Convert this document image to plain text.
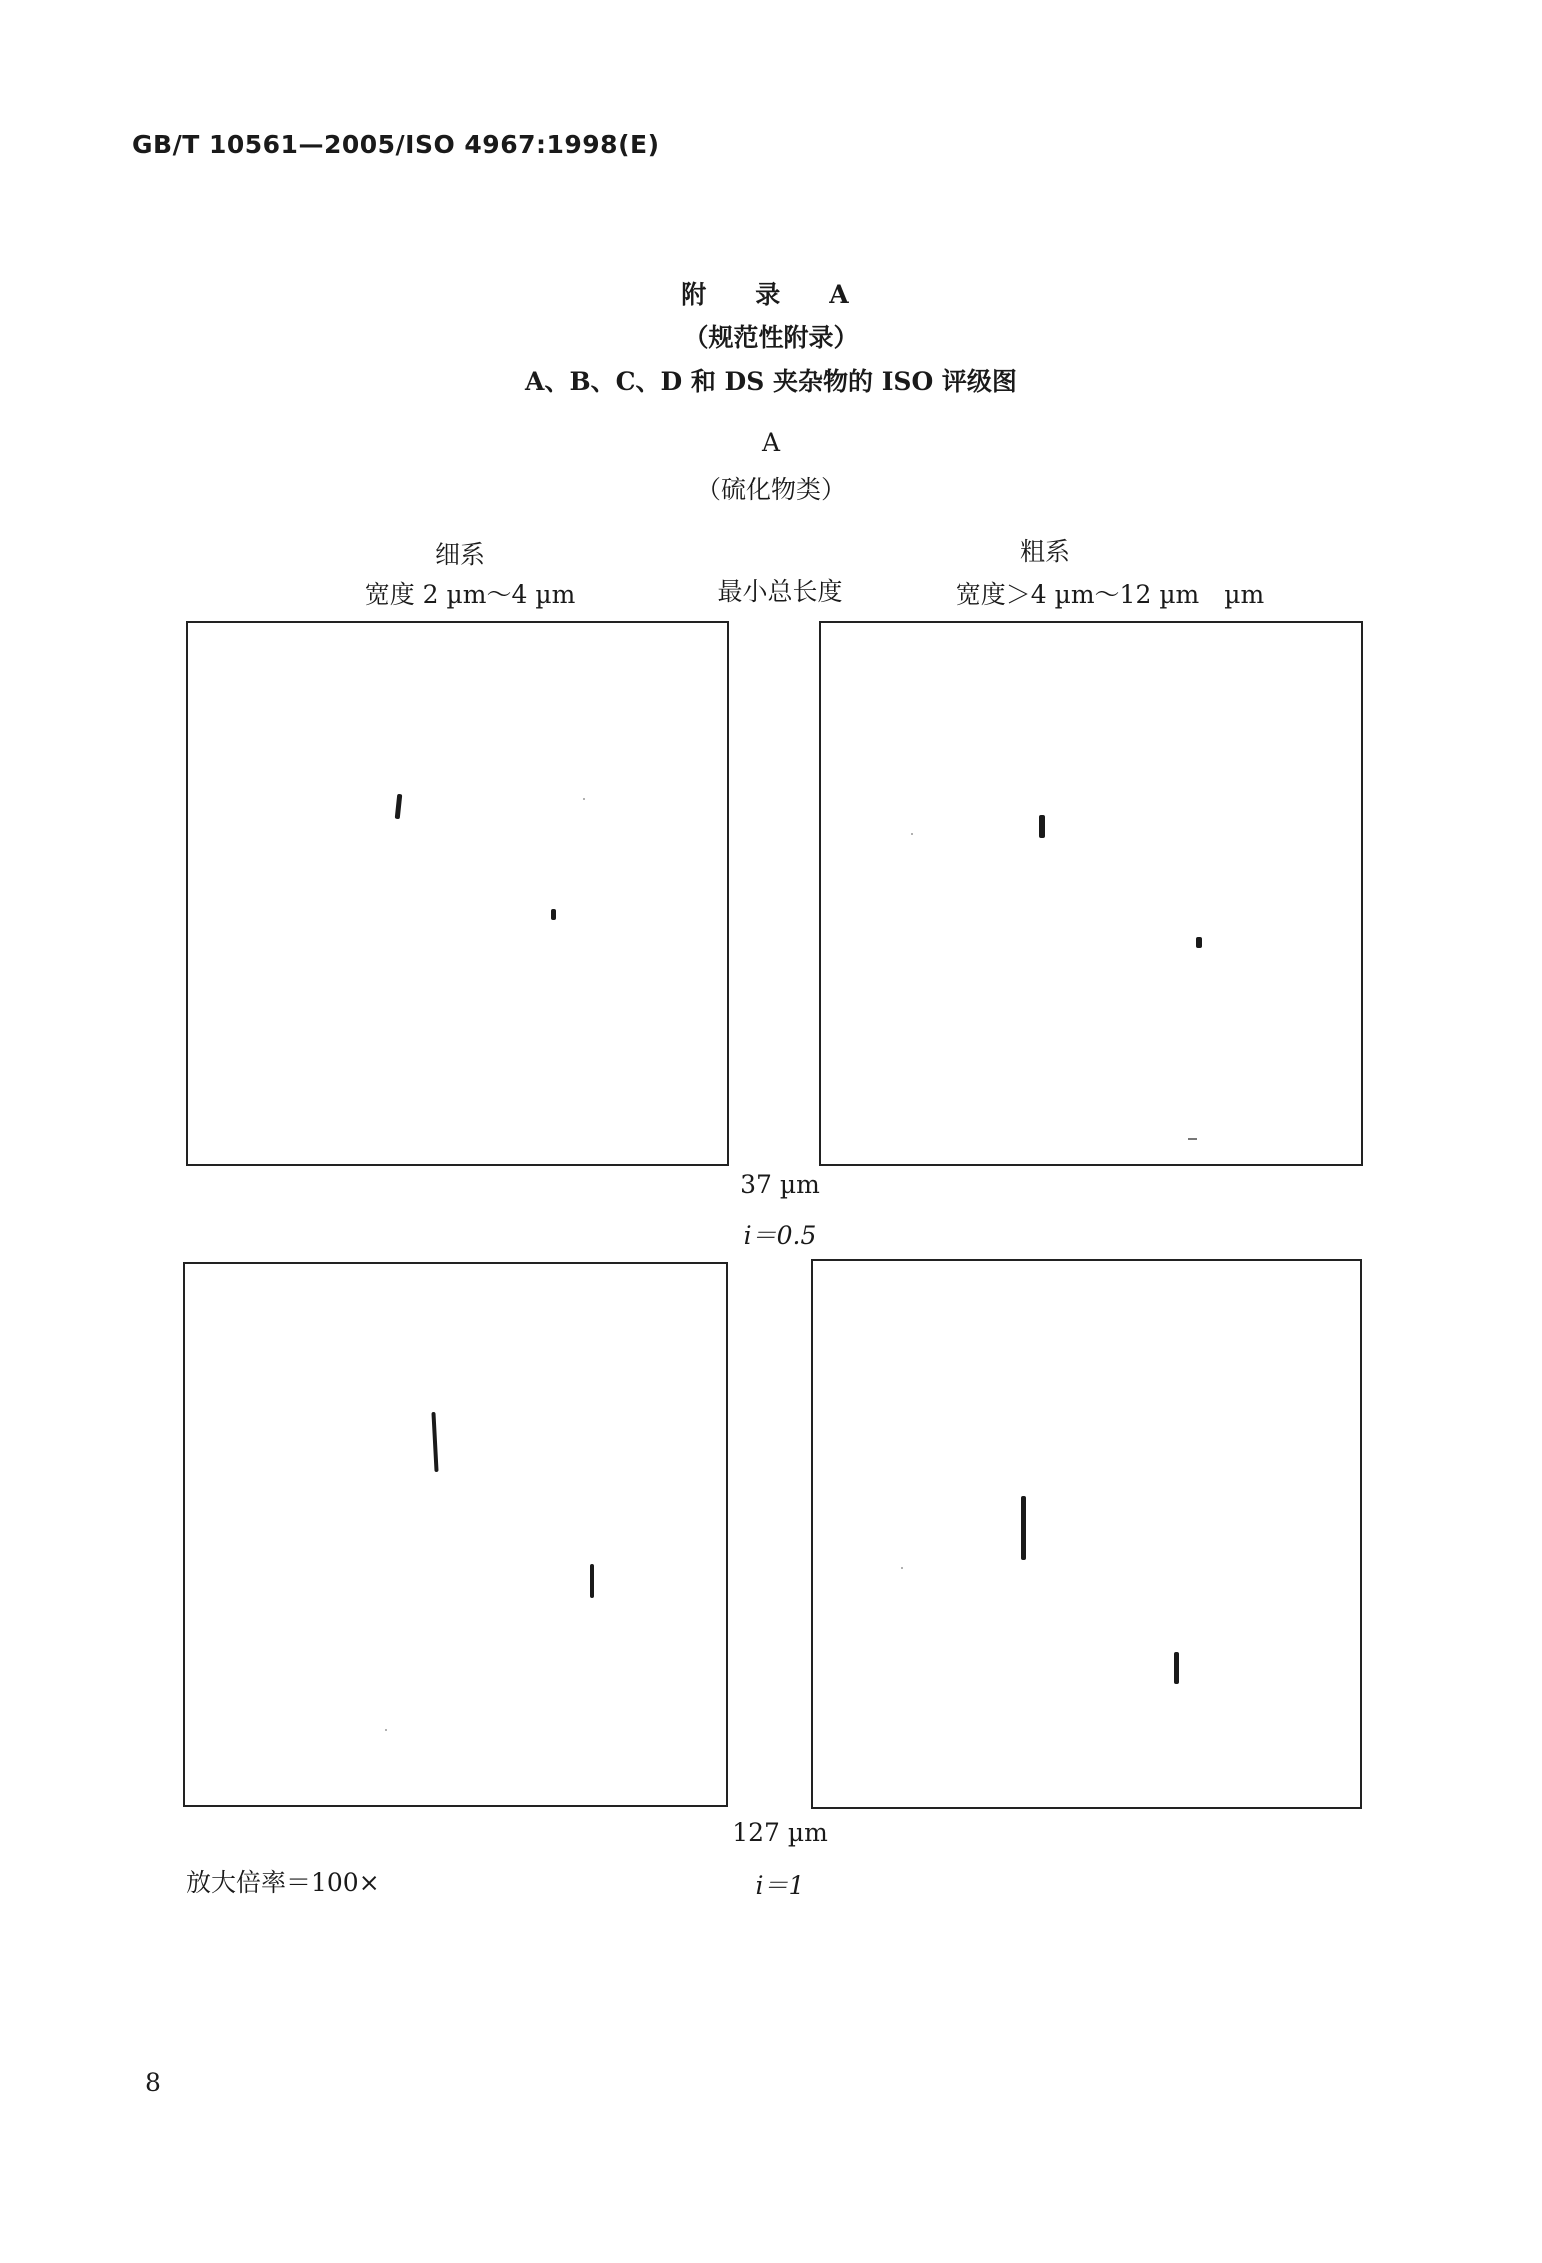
GB/T 10561—2005/ISO 4967:1998(E)
附　录　A
（规范性附录）
A、B、C、D 和 DS 夹杂物的 ISO 评级图
A
（硫化物类）
细系
宽度 2 µm～4 µm	最小总长度
粗系
宽度＞4 µm～12 µm　µm
37 µm
i＝0.5
127 µm
放大倍率＝100×	i＝1
8
